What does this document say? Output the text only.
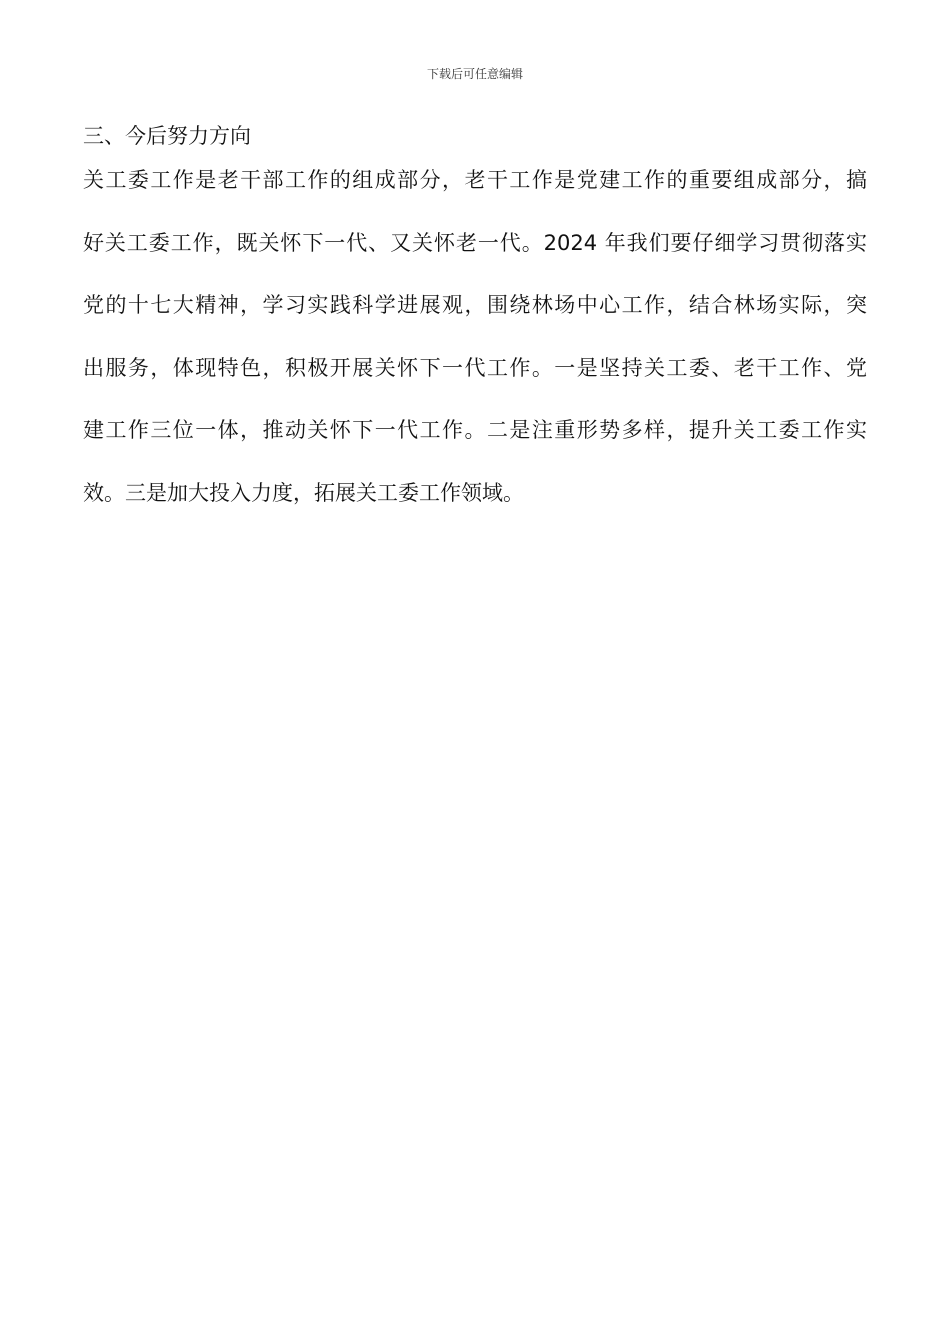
下载后可任意编辑
三、今后努力方向
关工委工作是老干部工作的组成部分，老干工作是党建工作的重要组成部分，搞
好关工委工作，既关怀下一代、又关怀老一代。2024 年我们要仔细学习贯彻落实
党的十七大精神，学习实践科学进展观，围绕林场中心工作，结合林场实际，突
出服务，体现特色，积极开展关怀下一代工作。一是坚持关工委、老干工作、党
建工作三位一体，推动关怀下一代工作。二是注重形势多样，提升关工委工作实
效。三是加大投入力度，拓展关工委工作领域。
